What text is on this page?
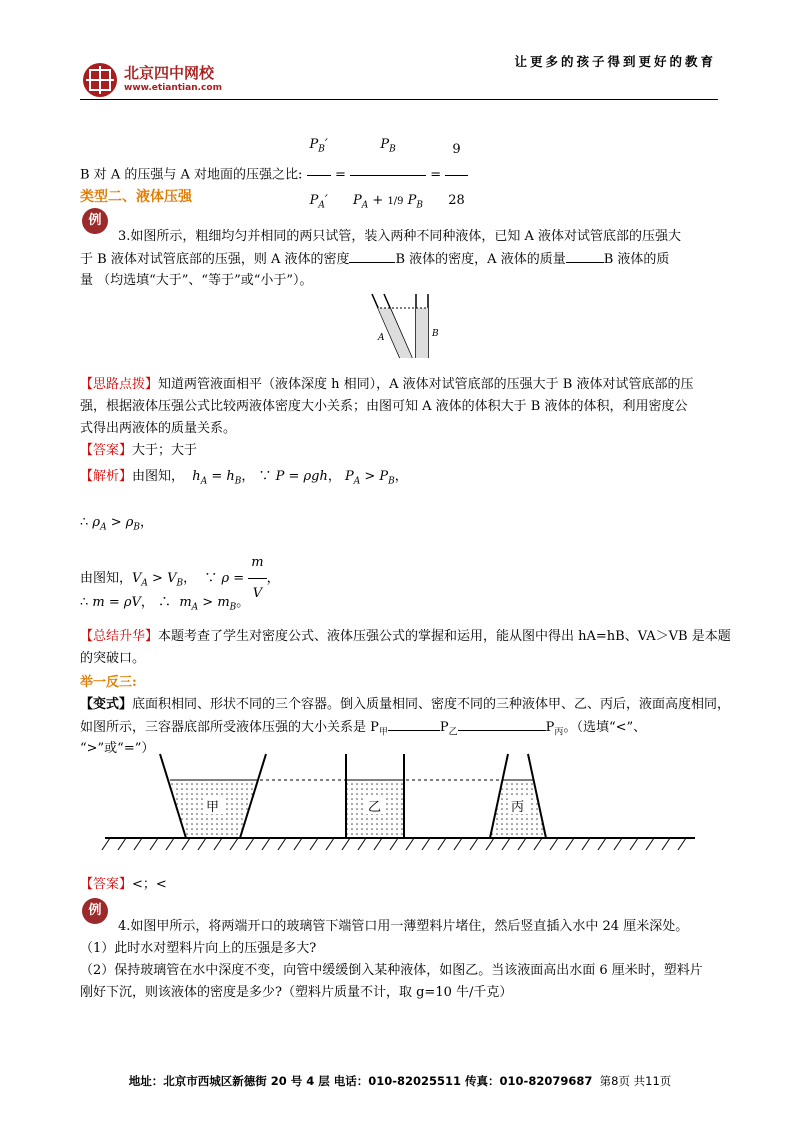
北京四中网校
www.etiantian.com
让更多的孩子得到更好的教育
B 对 A 的压强与 A 对地面的压强之比: $\frac{P_B'}{P_A'} = \frac{P_B}{P_A + 1/9 P_B} = \frac{9}{28}$
类型二、液体压强
例
3.如图所示，粗细均匀并相同的两只试管，装入两种不同种液体，已知 A 液体对试管底部的压强大
于 B 液体对试管底部的压强，则 A 液体的密度	B 液体的密度，A 液体的质量	B 液体的质
量 （均选填“大于”、“等于”或“小于”）。
A	B
【思路点拨】知道两管液面相平（液体深度 h 相同），A 液体对试管底部的压强大于 B 液体对试管底部的压
强，根据液体压强公式比较两液体密度大小关系；由图可知 A 液体的体积大于 B 液体的体积，利用密度公
式得出两液体的质量关系。
【答案】大于；大于
【解析】由图知，  $h_A = h_B$， ∵ P = ρgh， $P_A > P_B$，
∴ $\rho_A > \rho_B$，
由图知，$V_A > V_B$，  ∵ $\rho = \frac{m}{V}$ ，
∴ m = ρV， ∴  $m_A > m_B$。
【总结升华】本题考查了学生对密度公式、液体压强公式的掌握和运用，能从图中得出 hA=hB、VA＞VB 是本题
的突破口。
举一反三:
【变式】底面积相同、形状不同的三个容器。倒入质量相同、密度不同的三种液体甲、乙、丙后，液面高度相同，
如图所示，三容器底部所受液体压强的大小关系是 $P_甲$	$P_乙$	$P_丙$。（选填“<”、
“>”或“=”）
甲	乙	丙
【答案】<；<
例
4.如图甲所示，将两端开口的玻璃管下端管口用一薄塑料片堵住，然后竖直插入水中 24 厘米深处。
（1）此时水对塑料片向上的压强是多大?
（2）保持玻璃管在水中深度不变，向管中缓缓倒入某种液体，如图乙。当该液面高出水面 6 厘米时，塑料片
刚好下沉，则该液体的密度是多少?（塑料片质量不计，取 g=10 牛/千克）
地址：北京市西城区新德街 20 号 4 层 电话：010-82025511 传真：010-82079687 第8页 共11页
